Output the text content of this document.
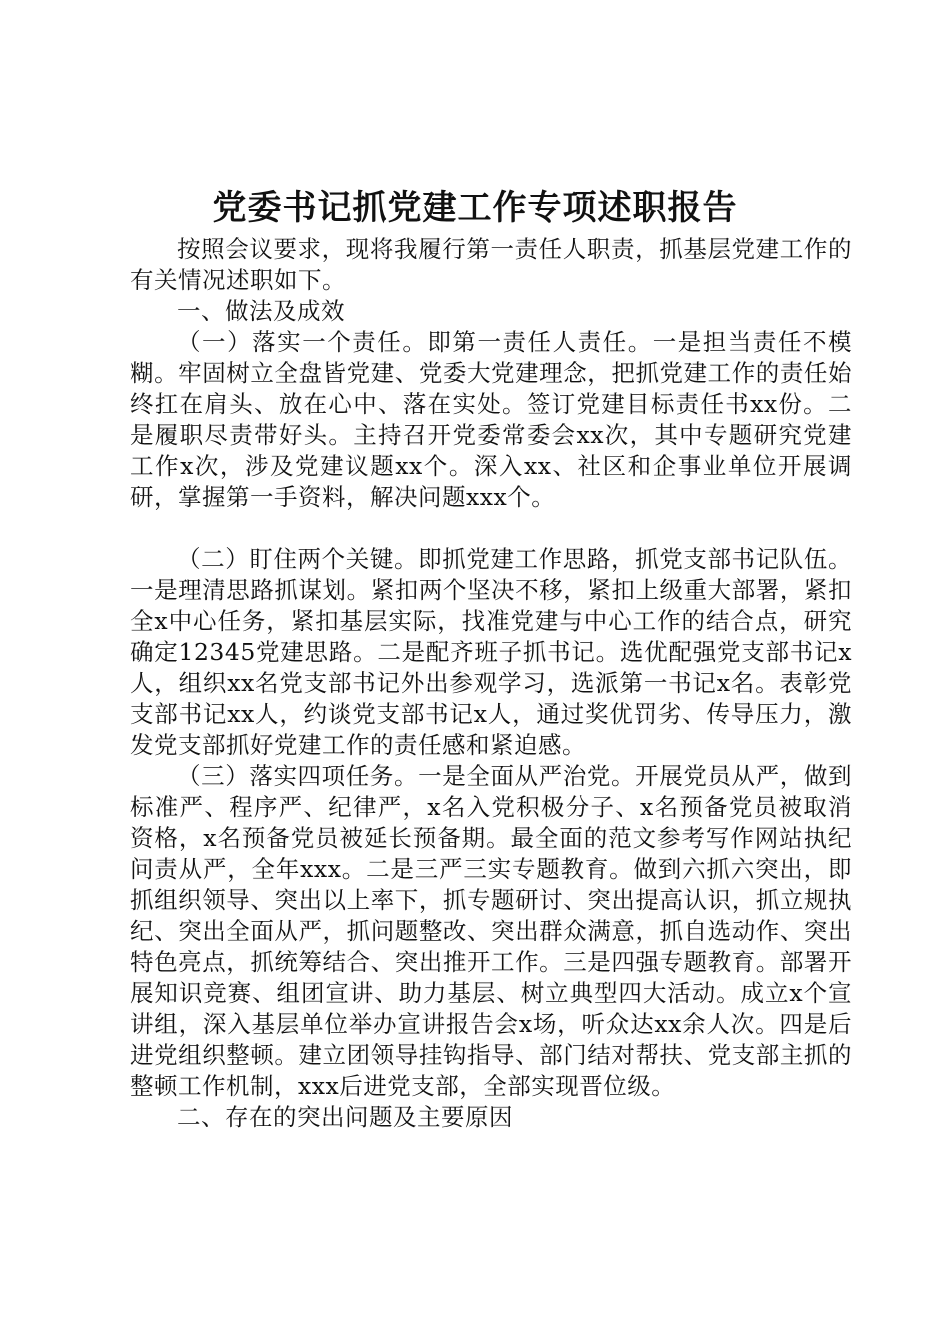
党委书记抓党建工作专项述职报告

按照会议要求，现将我履行第一责任人职责，抓基层党建工作的有关情况述职如下。

一、做法及成效

（一）落实一个责任。即第一责任人责任。一是担当责任不模糊。牢固树立全盘皆党建、党委大党建理念，把抓党建工作的责任始终扛在肩头、放在心中、落在实处。签订党建目标责任书xx份。二是履职尽责带好头。主持召开党委常委会xx次，其中专题研究党建工作x次，涉及党建议题xx个。深入xx、社区和企事业单位开展调研，掌握第一手资料，解决问题xxx个。

（二）盯住两个关键。即抓党建工作思路，抓党支部书记队伍。一是理清思路抓谋划。紧扣两个坚决不移，紧扣上级重大部署，紧扣全x中心任务，紧扣基层实际，找准党建与中心工作的结合点，研究确定12345党建思路。二是配齐班子抓书记。选优配强党支部书记x人，组织xx名党支部书记外出参观学习，选派第一书记x名。表彰党支部书记xx人，约谈党支部书记x人，通过奖优罚劣、传导压力，激发党支部抓好党建工作的责任感和紧迫感。

（三）落实四项任务。一是全面从严治党。开展党员从严，做到标准严、程序严、纪律严，x名入党积极分子、x名预备党员被取消资格，x名预备党员被延长预备期。最全面的范文参考写作网站执纪问责从严，全年xxx。二是三严三实专题教育。做到六抓六突出，即抓组织领导、突出以上率下，抓专题研讨、突出提高认识，抓立规执纪、突出全面从严，抓问题整改、突出群众满意，抓自选动作、突出特色亮点，抓统筹结合、突出推开工作。三是四强专题教育。部署开展知识竞赛、组团宣讲、助力基层、树立典型四大活动。成立x个宣讲组，深入基层单位举办宣讲报告会x场，听众达xx余人次。四是后进党组织整顿。建立团领导挂钩指导、部门结对帮扶、党支部主抓的整顿工作机制，xxx后进党支部，全部实现晋位级。

二、存在的突出问题及主要原因
